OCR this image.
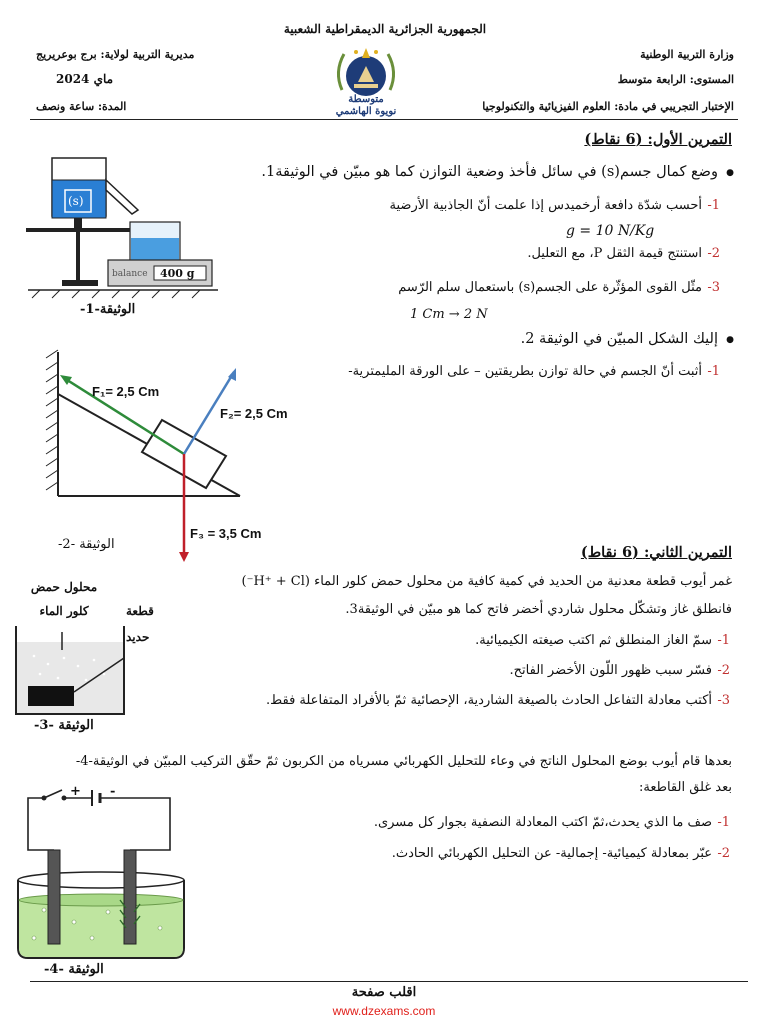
الجمهورية الجزائرية الديمقراطية الشعبية
وزارة التربية الوطنية
مديرية التربية لولاية: برج بوعريريج
المستوى: الرابعة متوسط
ماي 2024
متوسطة
نويوة الهاشمي	الإختبار التجريبي في مادة: العلوم الفيزيائية والتكنولوجيا
المدة: ساعة ونصف
التمرين الأول: (6 نقاط)
●
وضع كمال جسم(s) في سائل فأخذ وضعية التوازن كما هو مبيّن في الوثيقة1.
1-
أحسب شدّة دافعة أرخميدس إذا علمت أنّ الجاذبية الأرضية
g = 10 N/Kg
2-
استنتج قيمة الثقل P، مع التعليل.
3-
مثّل القوى المؤثّرة على الجسم(s) باستعمال سلم الرّسم
1 Cm → 2 N
●
إليك الشكل المبيّن في الوثيقة 2.
1-
أثبت أنّ الجسم في حالة توازن بطريقتين – على الورقة المليمترية-
(s)
balance 400 g
الوثيقة-1-
F₁= 2,5 Cm
F₂= 2,5 Cm
F₃ = 3,5 Cm
الوثيقة -2-	التمرين الثاني: (6 نقاط)
غمر أيوب قطعة معدنية من الحديد في كمية كافية من محلول حمض كلور الماء (H⁺ + Cl⁻)
فانطلق غاز وتشكّل محلول شاردي أخضر فاتح كما هو مبيّن في الوثيقة3.
1-
سمّ الغاز المنطلق ثم اكتب صيغته الكيميائية.
2-
فسّر سبب ظهور اللّون الأخضر الفاتح.
3-
أكتب معادلة التفاعل الحادث بالصيغة الشاردية، الإحصائية ثمّ بالأفراد المتفاعلة فقط.
محلول حمض
كلور الماء	قطعة
حديد
الوثيقة -3-
بعدها قام أيوب بوضع المحلول الناتج في وعاء للتحليل الكهربائي مسرياه من الكربون ثمّ حقّق التركيب المبيّن في الوثيقة-4-
بعد غلق القاطعة:
1-
صف ما الذي يحدث،ثمّ اكتب المعادلة النصفية بجوار كل مسرى.
2-
عبّر بمعادلة كيميائية- إجمالية- عن التحليل الكهربائي الحادث.
+ -
الوثيقة -4-
اقلب صفحة
www.dzexams.com
